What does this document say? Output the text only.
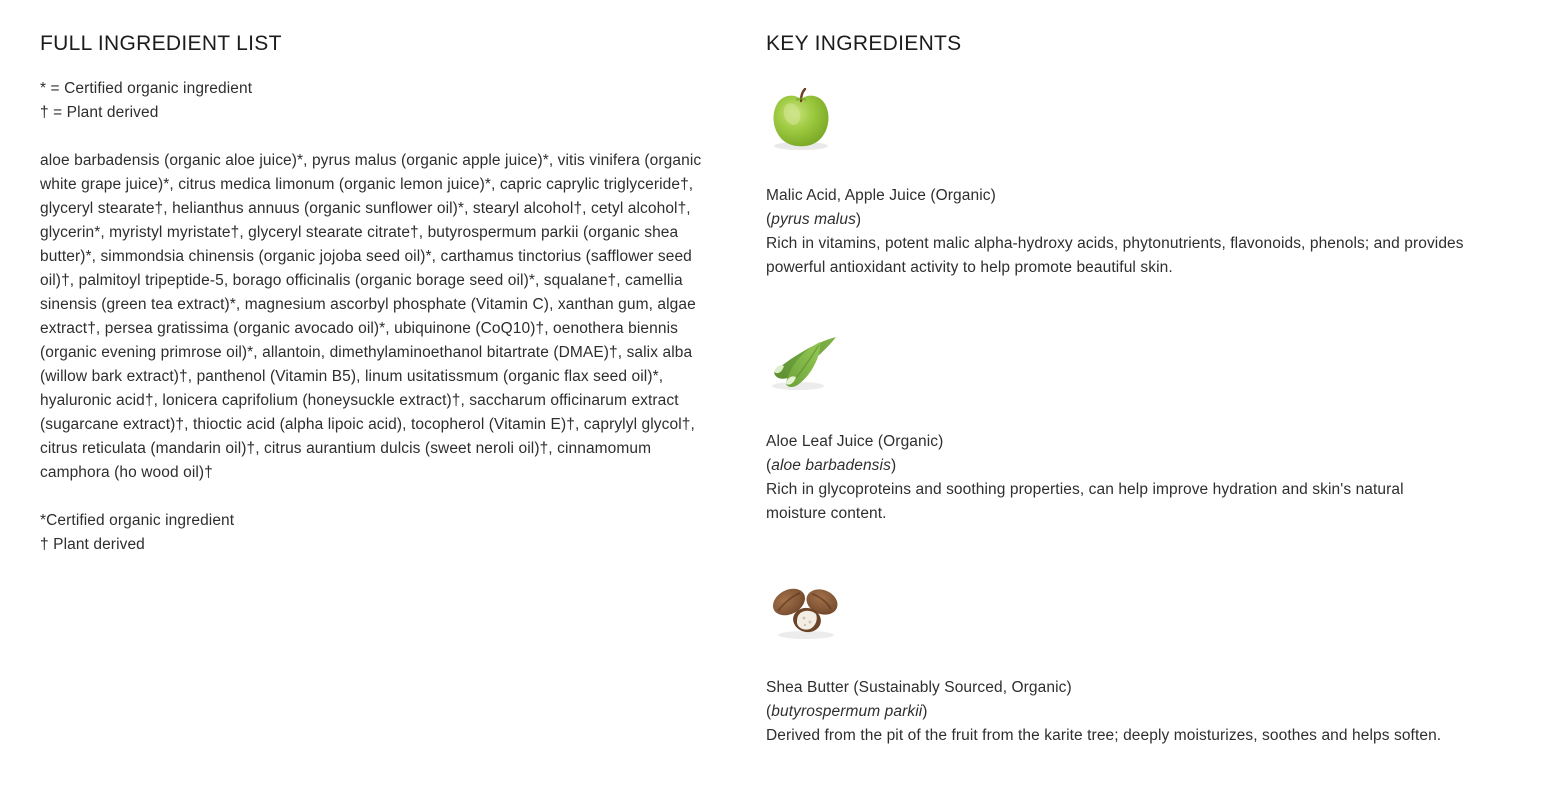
FULL INGREDIENT LIST
* = Certified organic ingredient
† = Plant derived
aloe barbadensis (organic aloe juice)*, pyrus malus (organic apple juice)*, vitis vinifera (organic white grape juice)*, citrus medica limonum (organic lemon juice)*, capric caprylic triglyceride†, glyceryl stearate†, helianthus annuus (organic sunflower oil)*, stearyl alcohol†, cetyl alcohol†, glycerin*, myristyl myristate†, glyceryl stearate citrate†, butyrospermum parkii (organic shea butter)*, simmondsia chinensis (organic jojoba seed oil)*, carthamus tinctorius (safflower seed oil)†, palmitoyl tripeptide-5, borago officinalis (organic borage seed oil)*, squalane†, camellia sinensis (green tea extract)*, magnesium ascorbyl phosphate (Vitamin C), xanthan gum, algae extract†, persea gratissima (organic avocado oil)*, ubiquinone (CoQ10)†, oenothera biennis (organic evening primrose oil)*, allantoin, dimethylaminoethanol bitartrate (DMAE)†, salix alba (willow bark extract)†, panthenol (Vitamin B5), linum usitatissmum (organic flax seed oil)*, hyaluronic acid†, lonicera caprifolium (honeysuckle extract)†, saccharum officinarum extract (sugarcane extract)†, thioctic acid (alpha lipoic acid), tocopherol (Vitamin E)†, caprylyl glycol†, citrus reticulata (mandarin oil)†, citrus aurantium dulcis (sweet neroli oil)†, cinnamomum camphora (ho wood oil)†
*Certified organic ingredient
† Plant derived
KEY INGREDIENTS
Malic Acid, Apple Juice (Organic)
(pyrus malus)
Rich in vitamins, potent malic alpha-hydroxy acids, phytonutrients, flavonoids, phenols; and provides powerful antioxidant activity to help promote beautiful skin.
Aloe Leaf Juice (Organic)
(aloe barbadensis)
Rich in glycoproteins and soothing properties, can help improve hydration and skin's natural moisture content.
Shea Butter (Sustainably Sourced, Organic)
(butyrospermum parkii)
Derived from the pit of the fruit from the karite tree; deeply moisturizes, soothes and helps soften.
